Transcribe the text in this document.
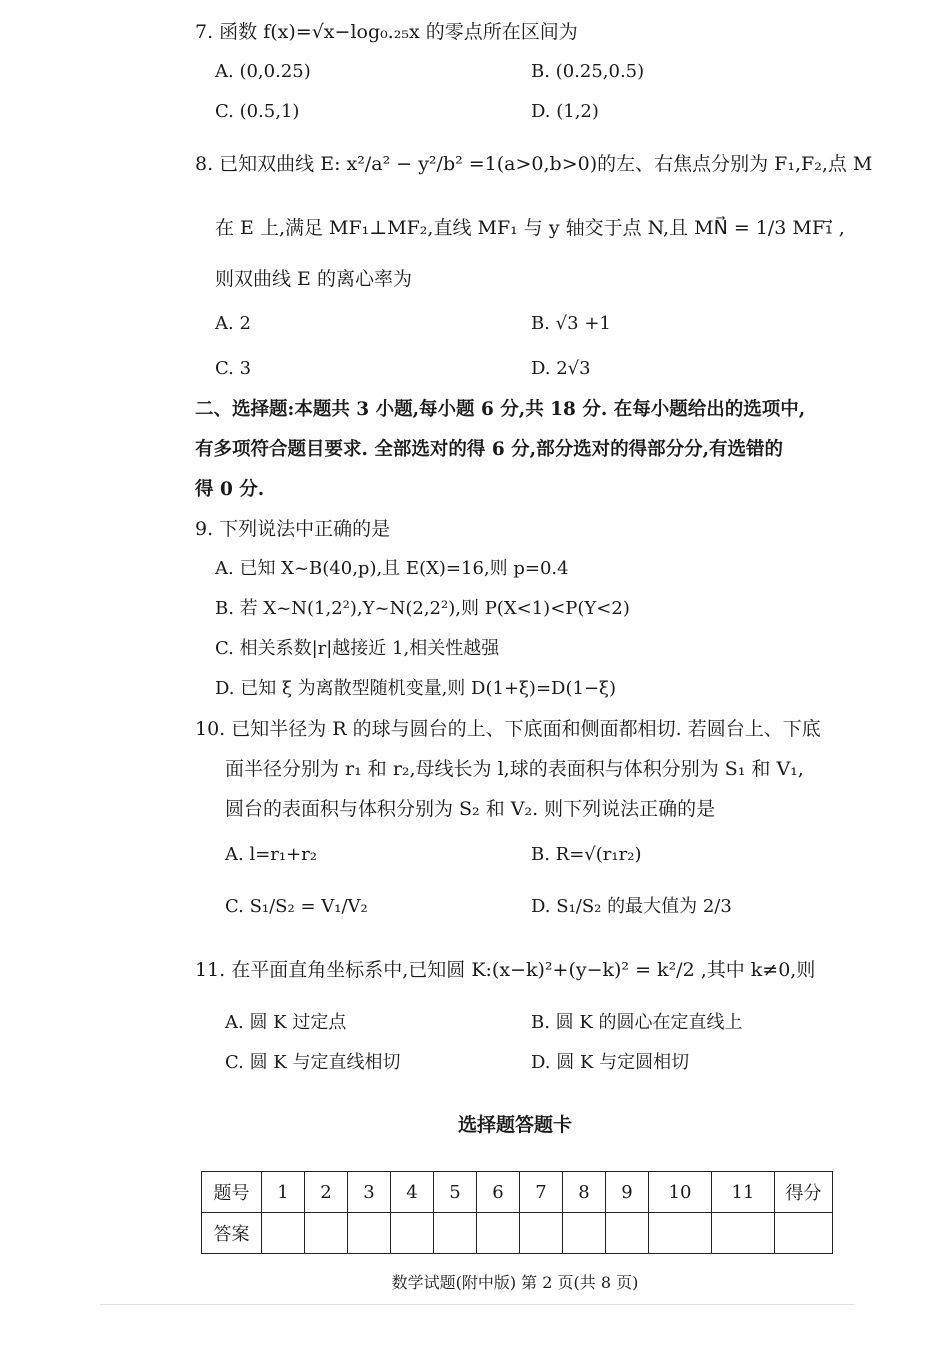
7. 函数 f(x)=√x−log₀.₂₅x 的零点所在区间为
A. (0,0.25)	B. (0.25,0.5)
C. (0.5,1)	D. (1,2)
8. 已知双曲线 E: x²/a² − y²/b² =1(a>0,b>0)的左、右焦点分别为 F₁,F₂,点 M
在 E 上,满足 MF₁⊥MF₂,直线 MF₁ 与 y 轴交于点 N,且 MN⃗ = 1/3 MF₁⃗ ,
则双曲线 E 的离心率为
A. 2	B. √3 +1
C. 3	D. 2√3
二、选择题:本题共 3 小题,每小题 6 分,共 18 分. 在每小题给出的选项中,
有多项符合题目要求. 全部选对的得 6 分,部分选对的得部分分,有选错的
得 0 分.
9. 下列说法中正确的是
A. 已知 X~B(40,p),且 E(X)=16,则 p=0.4
B. 若 X~N(1,2²),Y~N(2,2²),则 P(X<1)<P(Y<2)
C. 相关系数|r|越接近 1,相关性越强
D. 已知 ξ 为离散型随机变量,则 D(1+ξ)=D(1−ξ)
10. 已知半径为 R 的球与圆台的上、下底面和侧面都相切. 若圆台上、下底
面半径分别为 r₁ 和 r₂,母线长为 l,球的表面积与体积分别为 S₁ 和 V₁,
圆台的表面积与体积分别为 S₂ 和 V₂. 则下列说法正确的是
A. l=r₁+r₂	B. R=√(r₁r₂)
C. S₁/S₂ = V₁/V₂	D. S₁/S₂ 的最大值为 2/3
11. 在平面直角坐标系中,已知圆 K:(x−k)²+(y−k)² = k²/2 ,其中 k≠0,则
A. 圆 K 过定点	B. 圆 K 的圆心在定直线上
C. 圆 K 与定直线相切	D. 圆 K 与定圆相切
选择题答题卡
题号	1	2	3	4	5	6	7	8	9	10	11	得分
答案												
数学试题(附中版) 第 2 页(共 8 页)
